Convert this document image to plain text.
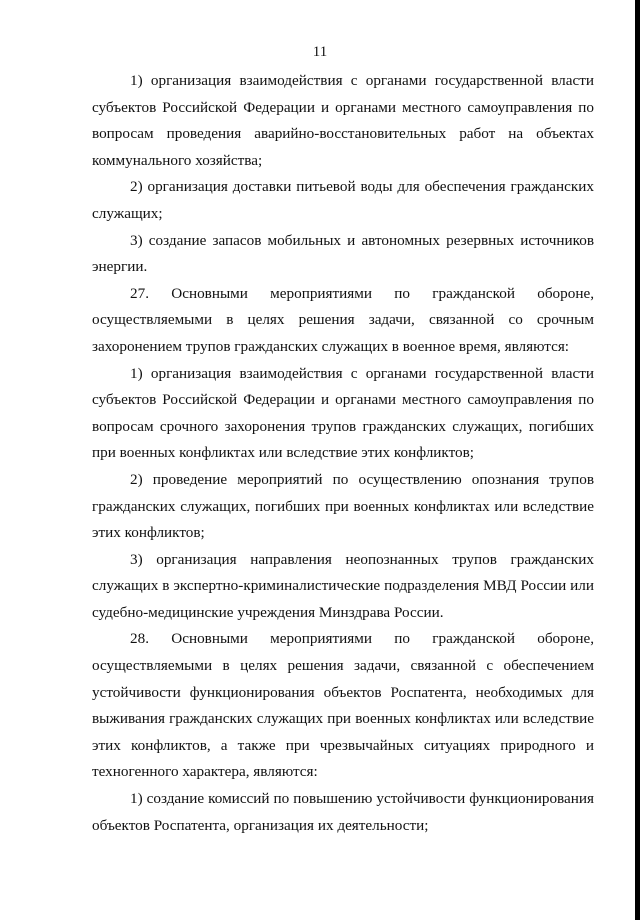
11

1) организация взаимодействия с органами государственной власти субъектов Российской Федерации и органами местного самоуправления по вопросам проведения аварийно-восстановительных работ на объектах коммунального хозяйства;

2) организация доставки питьевой воды для обеспечения гражданских служащих;

3) создание запасов мобильных и автономных резервных источников энергии.

27. Основными мероприятиями по гражданской обороне, осуществляемыми в целях решения задачи, связанной со срочным захоронением трупов гражданских служащих в военное время, являются:

1) организация взаимодействия с органами государственной власти субъектов Российской Федерации и органами местного самоуправления по вопросам срочного захоронения трупов гражданских служащих, погибших при военных конфликтах или вследствие этих конфликтов;

2) проведение мероприятий по осуществлению опознания трупов гражданских служащих, погибших при военных конфликтах или вследствие этих конфликтов;

3) организация направления неопознанных трупов гражданских служащих в экспертно-криминалистические подразделения МВД России или судебно-медицинские учреждения Минздрава России.

28. Основными мероприятиями по гражданской обороне, осуществляемыми в целях решения задачи, связанной с обеспечением устойчивости функционирования объектов Роспатента, необходимых для выживания гражданских служащих при военных конфликтах или вследствие этих конфликтов, а также при чрезвычайных ситуациях природного и техногенного характера, являются:

1) создание комиссий по повышению устойчивости функционирования объектов Роспатента, организация их деятельности;
